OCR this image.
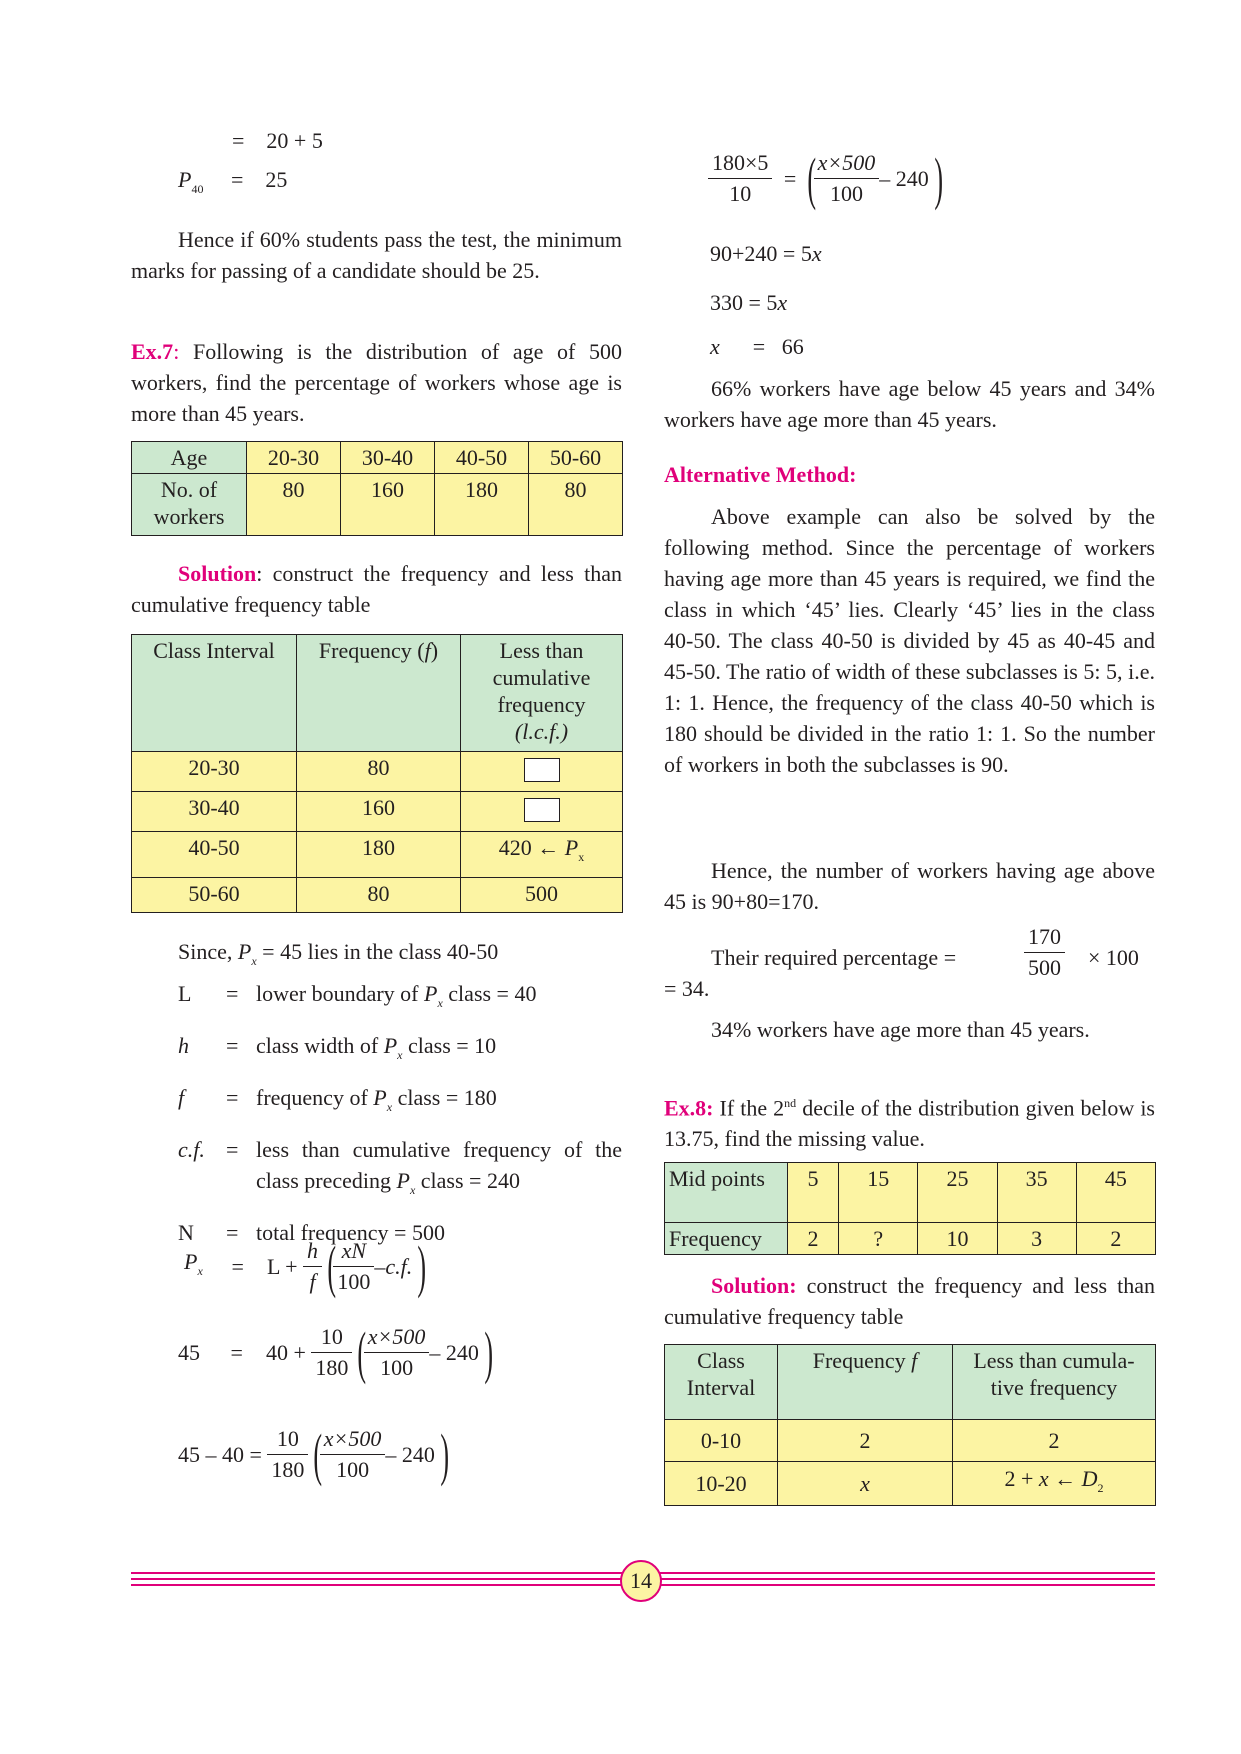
= 20 + 5
$P_{40} = 25$
Hence if 60% students pass the test, the minimum marks for passing of a candidate should be 25.
Ex.7: Following is the distribution of age of 500 workers, find the percentage of workers whose age is more than 45 years.
Age	20-30	30-40	40-50	50-60
No. of workers	80	160	180	80
Solution: construct the frequency and less than cumulative frequency table
Class Interval	Frequency (f)	Less than cumulative frequency
(l.c.f.)
20-30	80	
30-40	160	
40-50	180	420 ← $P_x$
50-60	80	500
Since, $P_x = 45$ lies in the class 40-50
L	= lower boundary of $P_x$ class = 40
h	= class width of $P_x$ class = 10
f	= frequency of $P_x$ class = 180
c.f. = less than cumulative frequency of the class preceding $P_x$ class = 240
N	= total frequency = 500
$P_x = L + \frac{h}{f}$ (
$\frac{xN}{100} -c.f$.)
$45 = 40 + \frac{10}{180}$ (
$\frac{x\times 500}{100} - 240$)
$45 - 40 = \frac{10}{180}$ (
$\frac{x\times 500}{100} - 240$)
$\frac{180\times 5}{10}$ = (
$\frac{x\times 500}{100} - 240$)
90+240 = 5x
330 = 5x
x = 66
66% workers have age below 45 years and 34% workers have age more than 45 years.
Alternative Method:
Above example can also be solved by the following method. Since the percentage of workers having age more than 45 years is required, we find the class in which ‘45’ lies. Clearly ‘45’ lies in the class 40-50. The class 40-50 is divided by 45 as 40-45 and 45-50. The ratio of width of these subclasses is 5: 5, i.e. 1: 1. Hence, the frequency of the class 40-50 which is 180 should be divided in the ratio 1: 1. So the number of workers in both the subclasses is 90.
Hence, the number of workers having age above 45 is 90+80=170.
Their required percentage =	$\frac{170}{500} \times 100$
= 34.
34% workers have age more than 45 years.
Ex.8: If the 2nd decile of the distribution given below is 13.75, find the missing value.
Mid points	5	15	25	35	45
Frequency	2	?	10	3	2
Solution: construct the frequency and less than cumulative frequency table
Class Interval	Frequency f	Less than cumula-tive frequency
0-10	2	2
10-20	x	2 + x ← $D_2$
14
